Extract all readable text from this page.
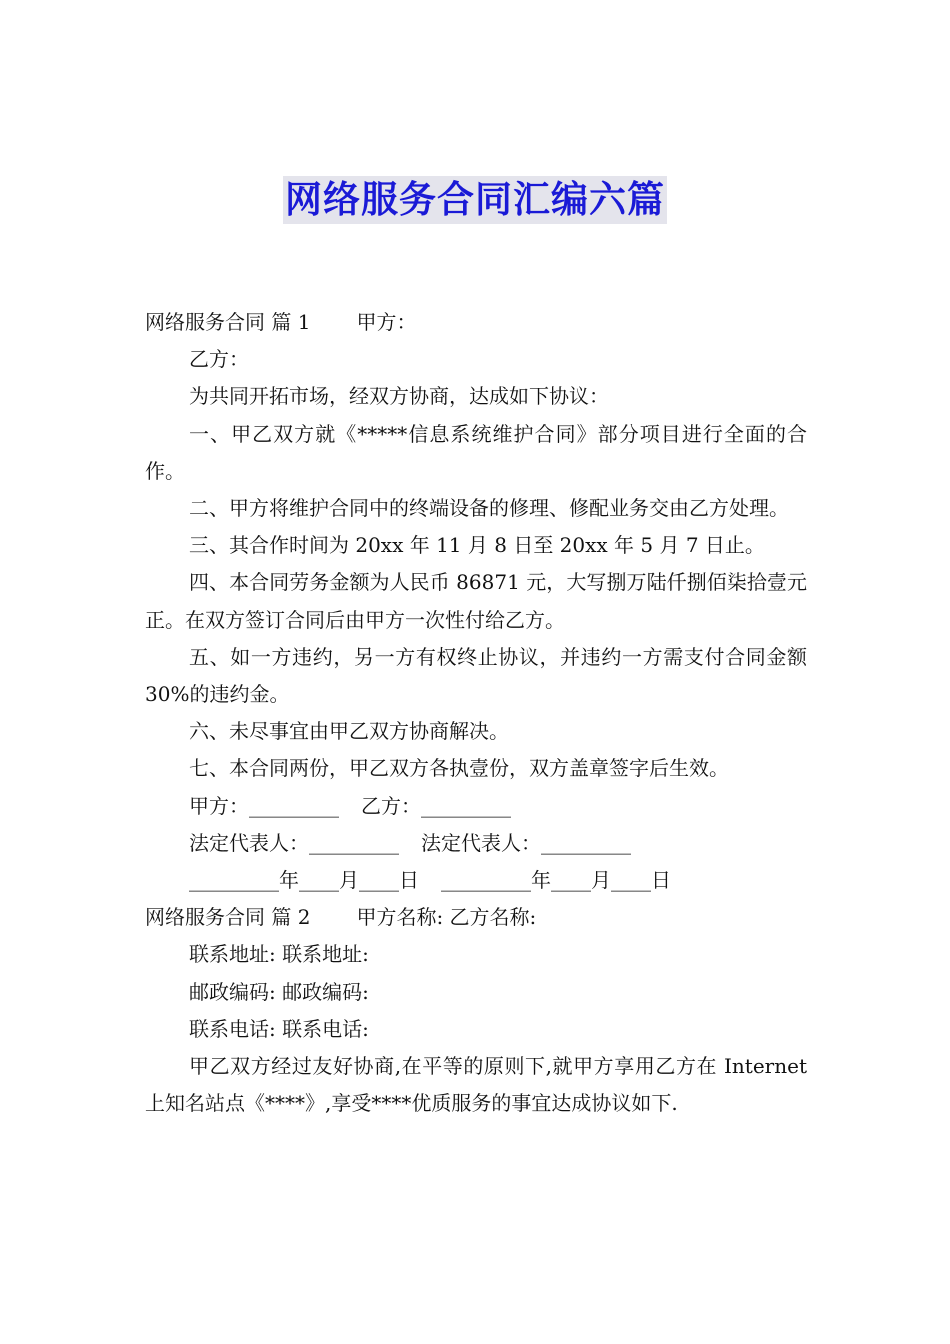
网络服务合同汇编六篇

网络服务合同 篇 1 甲方：

乙方：

为共同开拓市场，经双方协商，达成如下协议：

一、甲乙双方就《*****信息系统维护合同》部分项目进行全面的合作。

二、甲方将维护合同中的终端设备的修理、修配业务交由乙方处理。

三、其合作时间为 20xx 年 11 月 8 日至 20xx 年 5 月 7 日止。

四、本合同劳务金额为人民币 86871 元，大写捌万陆仟捌佰柒拾壹元正。在双方签订合同后由甲方一次性付给乙方。

五、如一方违约，另一方有权终止协议，并违约一方需支付合同金额 30%的违约金。

六、未尽事宜由甲乙双方协商解决。

七、本合同两份，甲乙双方各执壹份，双方盖章签字后生效。

甲方：_________ 乙方：_________

法定代表人：_________ 法定代表人：_________

_________年____月____日 _________年____月____日

网络服务合同 篇 2 甲方名称: 乙方名称:

联系地址: 联系地址:

邮政编码: 邮政编码:

联系电话: 联系电话:

甲乙双方经过友好协商,在平等的原则下,就甲方享用乙方在 Internet 上知名站点《****》,享受****优质服务的事宜达成协议如下.
